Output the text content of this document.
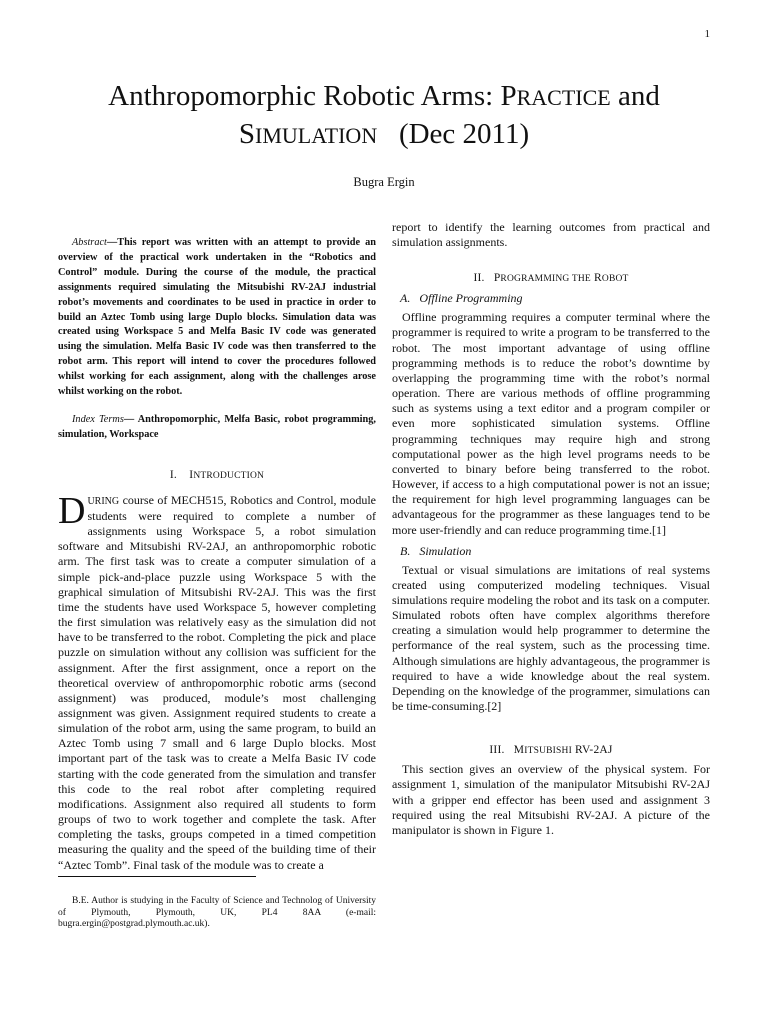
1
Anthropomorphic Robotic Arms: PRACTICE and
SIMULATION   (Dec 2011)
Bugra Ergin

Abstract—This report was written with an attempt to provide an overview of the practical work undertaken in the “Robotics and Control” module. During the course of the module, the practical assignments required simulating the Mitsubishi RV-2AJ industrial robot’s movements and coordinates to be used in practice in order to build an Aztec Tomb using large Duplo blocks. Simulation data was created using Workspace 5 and Melfa Basic IV code was generated using the simulation. Melfa Basic IV code was then transferred to the robot arm. This report will intend to cover the procedures followed whilst working for each assignment, along with the challenges arose whilst working on the robot.

Index Terms— Anthropomorphic, Melfa Basic, robot programming, simulation, Workspace

I. INTRODUCTION

DURING course of MECH515, Robotics and Control, module students were required to complete a number of assignments using Workspace 5, a robot simulation software and Mitsubishi RV-2AJ, an anthropomorphic robotic arm. The first task was to create a computer simulation of a simple pick-and-place puzzle using Workspace 5 with the graphical simulation of Mitsubishi RV-2AJ. This was the first time the students have used Workspace 5, however completing the first simulation was relatively easy as the simulation did not have to be transferred to the robot. Completing the pick and place puzzle on simulation without any collision was sufficient for the assignment. After the first assignment, once a report on the theoretical overview of anthropomorphic robotic arms (second assignment) was produced, module’s most challenging assignment was given. Assignment required students to create a simulation of the robot arm, using the same program, to build an Aztec Tomb using 7 small and 6 large Duplo blocks. Most important part of the task was to create a Melfa Basic IV code starting with the code generated from the simulation and transfer this code to the real robot after completing required modifications. Assignment also required all students to form groups of two to work together and complete the task. After completing the tasks, groups competed in a timed competition measuring the quality and the speed of the building time of their “Aztec Tomb”. Final task of the module was to create a

B.E. Author is studying in the Faculty of Science and Technolog of University of Plymouth, Plymouth, UK, PL4 8AA (e-mail: bugra.ergin@postgrad.plymouth.ac.uk).

report to identify the learning outcomes from practical and simulation assignments.

II. PROGRAMMING THE ROBOT

A.   Offline Programming

Offline programming requires a computer terminal where the programmer is required to write a program to be transferred to the robot. The most important advantage of using offline programming methods is to reduce the robot’s downtime by overlapping the programming time with the robot’s normal operation. There are various methods of offline programming such as systems using a text editor and a program compiler or even more sophisticated simulation systems. Offline programming techniques may require high and strong computational power as the high level programs needs to be converted to binary before being transferred to the robot. However, if access to a high computational power is not an issue; the requirement for high level programming languages can be advantageous for the programmer as these languages tend to be more user-friendly and can reduce programming time.[1]

B.   Simulation

Textual or visual simulations are imitations of real systems created using computerized modeling techniques. Visual simulations require modeling the robot and its task on a computer. Simulated robots often have complex algorithms therefore creating a simulation would help programmer to determine the performance of the real system, such as the processing time. Although simulations are highly advantageous, the programmer is required to have a wide knowledge about the real system. Depending on the knowledge of the programmer, simulations can be time-consuming.[2]

III. MITSUBISHI RV-2AJ

This section gives an overview of the physical system. For assignment 1, simulation of the manipulator Mitsubishi RV-2AJ with a gripper end effector has been used and assignment 3 required using the real Mitsubishi RV-2AJ. A picture of the manipulator is shown in Figure 1.
